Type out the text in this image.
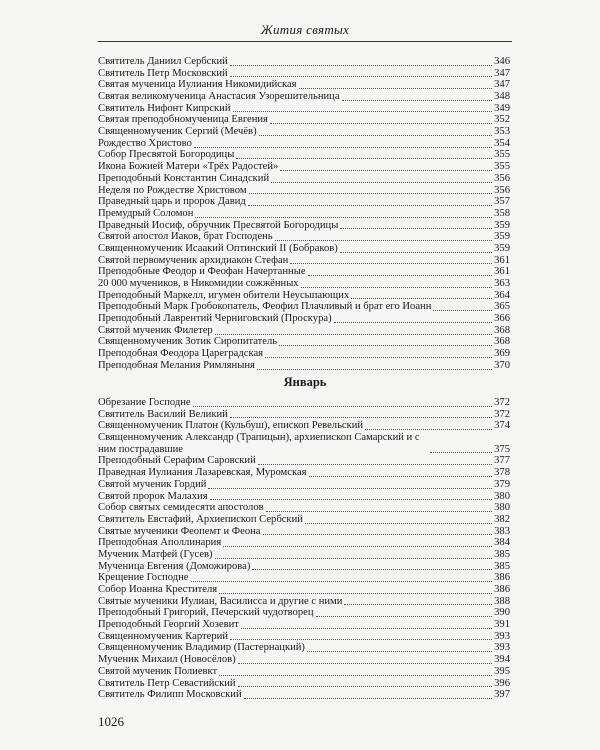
Жития святых
Святитель Даниил Сербский	346
Святитель Петр Московский	347
Святая мученица Иулиания Никомидийская	347
Святая великомученица Анастасия Узорешительница	348
Святитель Нифонт Кипрский	349
Святая преподобномученица Евгения	352
Священномученик Сергий (Мечёв)	353
Рождество Христово	354
Собор Пресвятой Богородицы	355
Икона Божией Матери «Трёх Радостей»	355
Преподобный Константин Синадский	356
Неделя по Рождестве Христовом	356
Праведный царь и пророк Давид	357
Премудрый Соломон	358
Праведный Иосиф, обручник Пресвятой Богородицы	359
Святой апостол Иаков, брат Господень	359
Священномученик Исаакий Оптинский II (Бобраков)	359
Святой первомученик архидиакон Стефан	361
Преподобные Феодор и Феофан Начертанные	361
20 000 мучеников, в Никомидии сожжённых	363
Преподобный Маркелл, игумен обители Неусыпающих	364
Преподобный Марк Гробокопатель, Феофил Плачливый и брат его Иоанн	365
Преподобный Лаврентий Черниговский (Проскура)	366
Святой мученик Филетер	368
Священномученик Зотик Сиропитатель	368
Преподобная Феодора Цареградская	369
Преподобная Мелания Римляныня	370
Январь
Обрезание Господне	372
Святитель Василий Великий	372
Священномученик Платон (Кульбуш), епископ Ревельский	374
Священномученик Александр (Трапицын), архиепископ Самарский и с ним пострадавшие	375
Преподобный Серафим Саровский	377
Праведная Иулиания Лазаревская, Муромская	378
Святой мученик Гордий	379
Святой пророк Малахия	380
Собор святых семидесяти апостолов	380
Святитель Евстафий, Архиепископ Сербский	382
Святые мученики Феопемт и Феона	383
Преподобная Аполлинария	384
Мученик Матфей (Гусев)	385
Мученица Евгения (Доможирова)	385
Крещение Господне	386
Собор Иоанна Крестителя	386
Святые мученики Иулиан, Василисса и другие с ними	388
Преподобный Григорий, Печерский чудотворец	390
Преподобный Георгий Хозевит	391
Священномученик Картерий	393
Священномученик Владимир (Пастернацкий)	393
Мученик Михаил (Новосёлов)	394
Святой мученик Полиевкт	395
Святитель Петр Севастийский	396
Святитель Филипп Московский	397
1026
